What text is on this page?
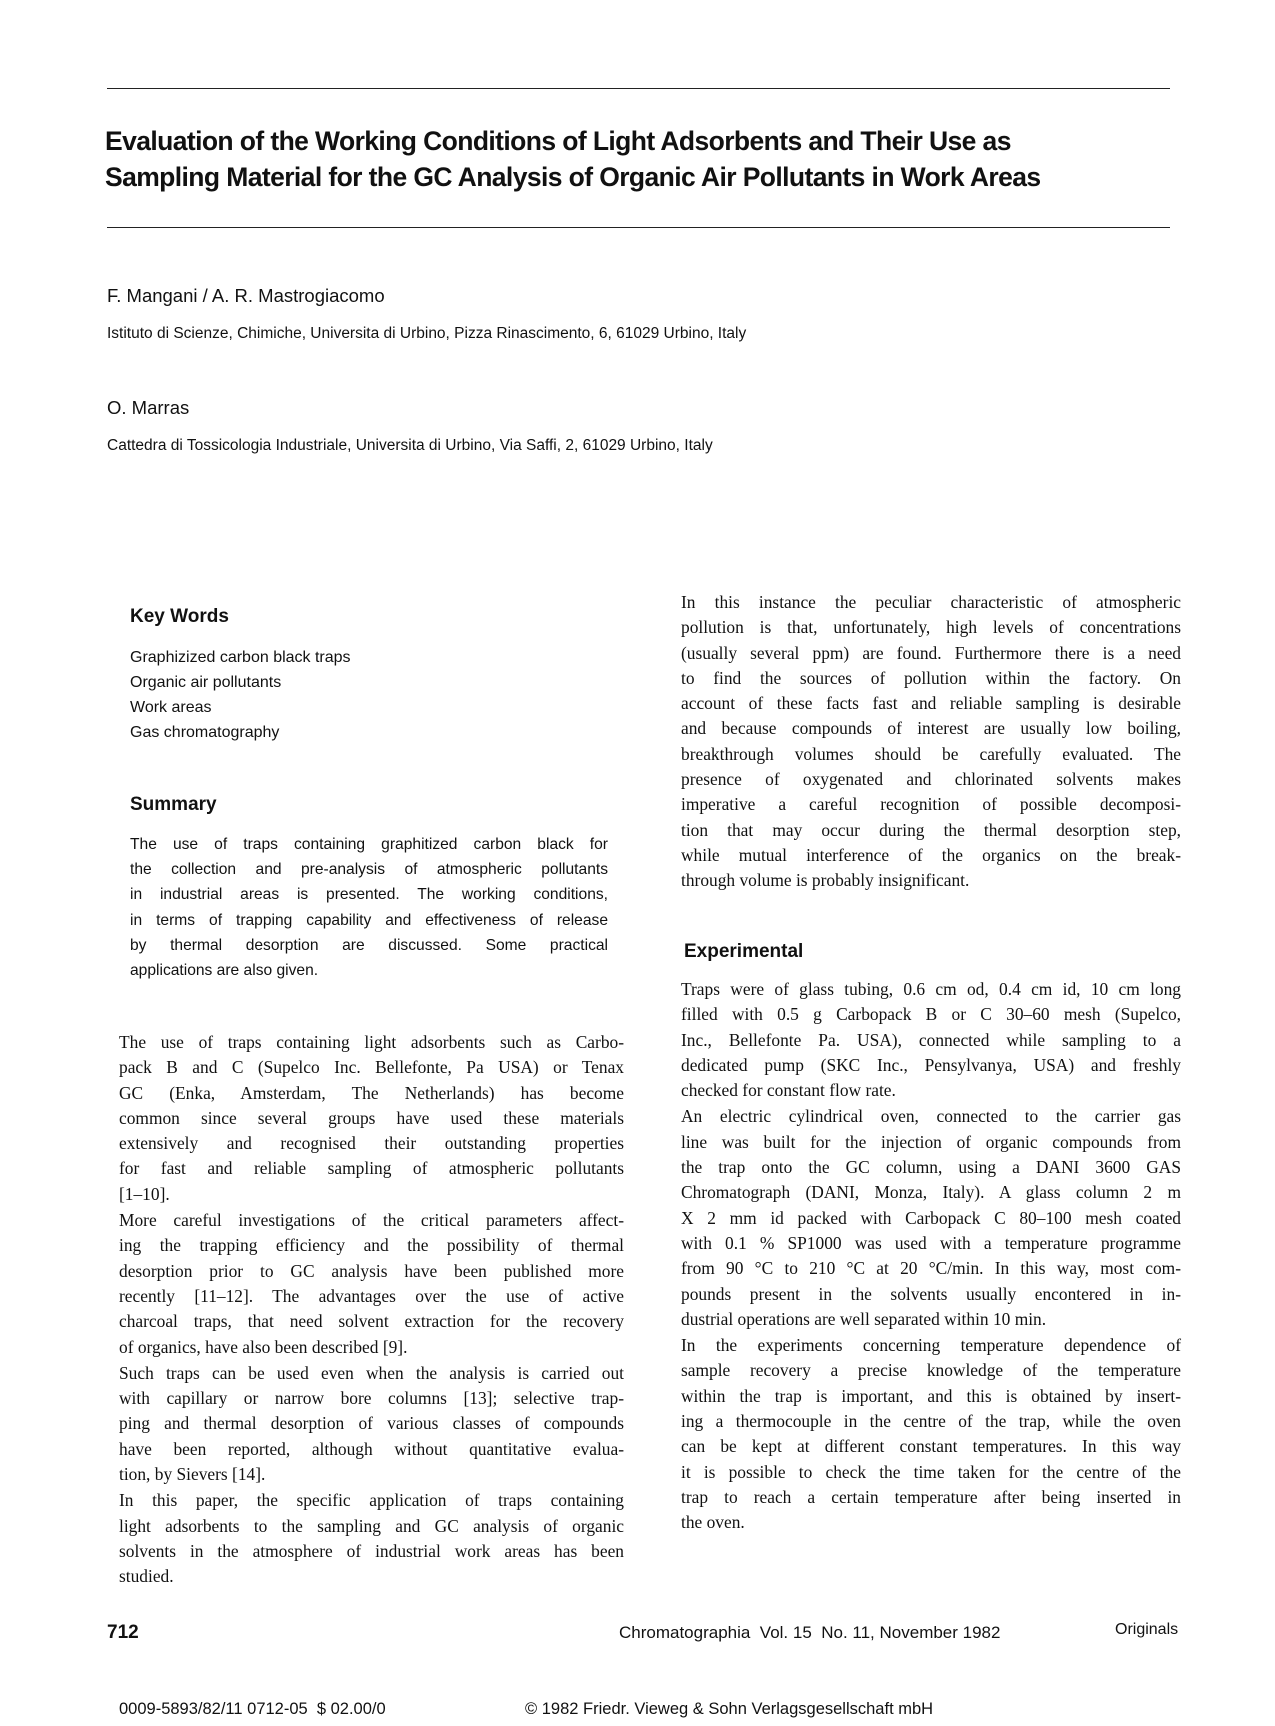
Evaluation of the Working Conditions of Light Adsorbents and Their Use as
Sampling Material for the GC Analysis of Organic Air Pollutants in Work Areas
F. Mangani / A. R. Mastrogiacomo
Istituto di Scienze, Chimiche, Universita di Urbino, Pizza Rinascimento, 6, 61029 Urbino, Italy
O. Marras
Cattedra di Tossicologia Industriale, Universita di Urbino, Via Saffi, 2, 61029 Urbino, Italy
Key Words
Graphizized carbon black traps
Organic air pollutants
Work areas
Gas chromatography
Summary
The use of traps containing graphitized carbon black for
the collection and pre-analysis of atmospheric pollutants
in industrial areas is presented. The working conditions,
in terms of trapping capability and effectiveness of release
by thermal desorption are discussed. Some practical
applications are also given.
The use of traps containing light adsorbents such as Carbo-
pack B and C (Supelco Inc. Bellefonte, Pa USA) or Tenax
GC (Enka, Amsterdam, The Netherlands) has become
common since several groups have used these materials
extensively and recognised their outstanding properties
for fast and reliable sampling of atmospheric pollutants
[1–10].
More careful investigations of the critical parameters affect-
ing the trapping efficiency and the possibility of thermal
desorption prior to GC analysis have been published more
recently [11–12]. The advantages over the use of active
charcoal traps, that need solvent extraction for the recovery
of organics, have also been described [9].
Such traps can be used even when the analysis is carried out
with capillary or narrow bore columns [13]; selective trap-
ping and thermal desorption of various classes of compounds
have been reported, although without quantitative evalua-
tion, by Sievers [14].
In this paper, the specific application of traps containing
light adsorbents to the sampling and GC analysis of organic
solvents in the atmosphere of industrial work areas has been
studied.
In this instance the peculiar characteristic of atmospheric
pollution is that, unfortunately, high levels of concentrations
(usually several ppm) are found. Furthermore there is a need
to find the sources of pollution within the factory. On
account of these facts fast and reliable sampling is desirable
and because compounds of interest are usually low boiling,
breakthrough volumes should be carefully evaluated. The
presence of oxygenated and chlorinated solvents makes
imperative a careful recognition of possible decomposi-
tion that may occur during the thermal desorption step,
while mutual interference of the organics on the break-
through volume is probably insignificant.
Experimental
Traps were of glass tubing, 0.6 cm od, 0.4 cm id, 10 cm long
filled with 0.5 g Carbopack B or C 30–60 mesh (Supelco,
Inc., Bellefonte Pa. USA), connected while sampling to a
dedicated pump (SKC Inc., Pensylvanya, USA) and freshly
checked for constant flow rate.
An electric cylindrical oven, connected to the carrier gas
line was built for the injection of organic compounds from
the trap onto the GC column, using a DANI 3600 GAS
Chromatograph (DANI, Monza, Italy). A glass column 2 m
X 2 mm id packed with Carbopack C 80–100 mesh coated
with 0.1 % SP1000 was used with a temperature programme
from 90 °C to 210 °C at 20 °C/min. In this way, most com-
pounds present in the solvents usually encontered in in-
dustrial operations are well separated within 10 min.
In the experiments concerning temperature dependence of
sample recovery a precise knowledge of the temperature
within the trap is important, and this is obtained by insert-
ing a thermocouple in the centre of the trap, while the oven
can be kept at different constant temperatures. In this way
it is possible to check the time taken for the centre of the
trap to reach a certain temperature after being inserted in
the oven.
712	Chromatographia  Vol. 15  No. 11, November 1982	Originals
0009-5893/82/11 0712-05  $ 02.00/0	© 1982 Friedr. Vieweg & Sohn Verlagsgesellschaft mbH
